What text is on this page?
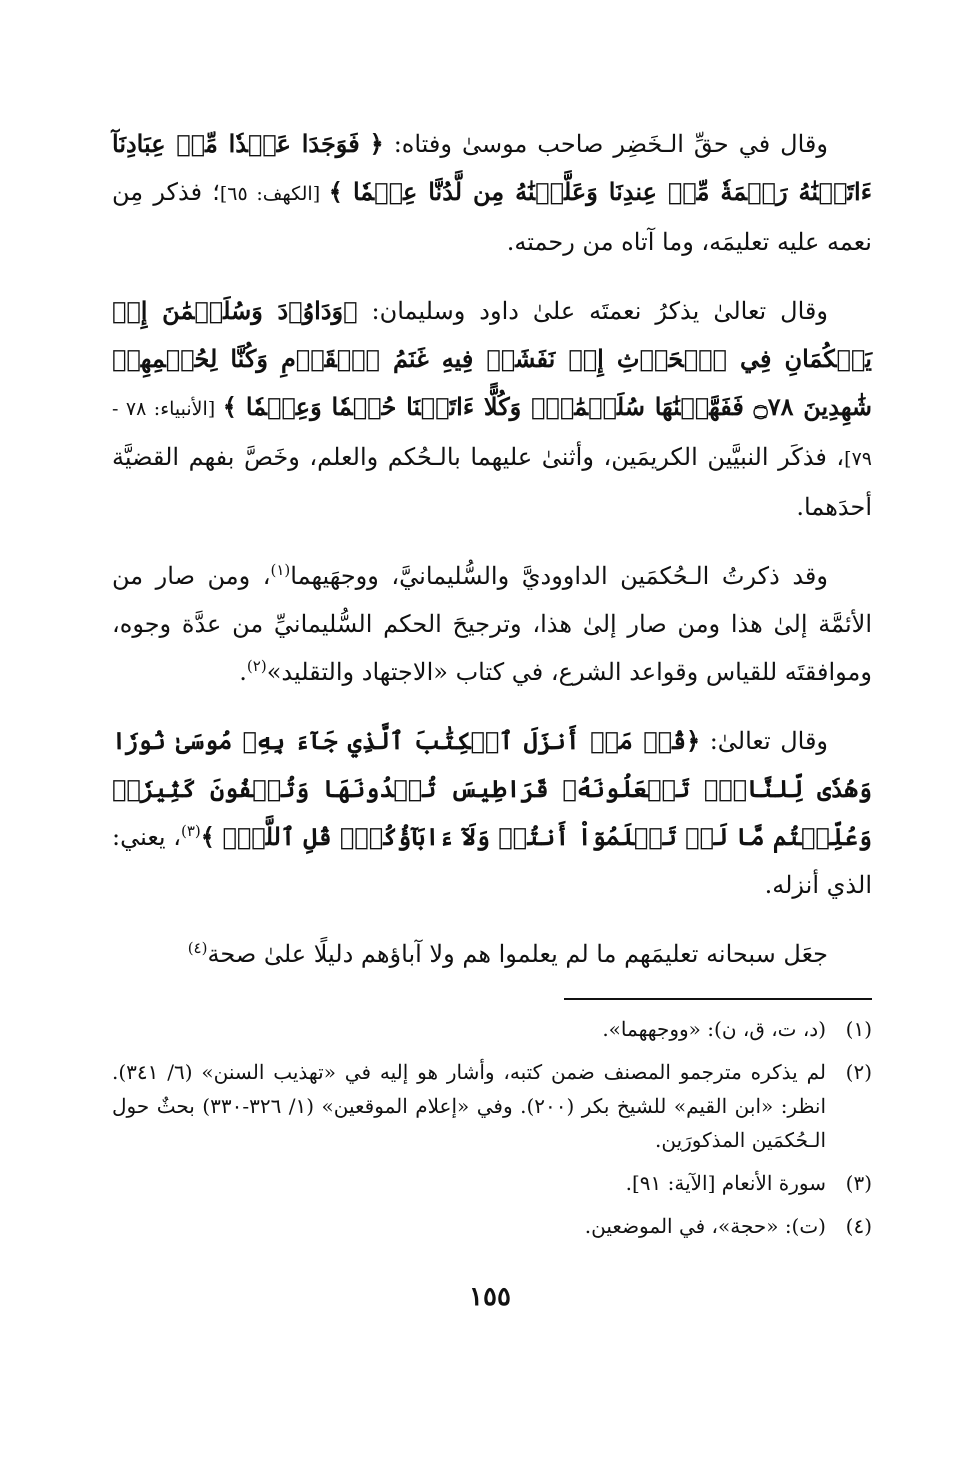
وقال في حقِّ الـخَضِر صاحب موسىٰ وفتاه: ﴿ فَوَجَدَا عَبۡدٗا مِّنۡ عِبَادِنَآ ءَاتَيۡنَٰهُ رَحۡمَةٗ مِّنۡ عِندِنَا وَعَلَّمۡنَٰهُ مِن لَّدُنَّا عِلۡمٗا ﴾ [الكهف: ٦٥]؛ فذكر مِن نعمه عليه تعليمَه، وما آتاه من رحمته.

وقال تعالىٰ يذكرُ نعمتَه علىٰ داود وسليمان: ﴿وَدَاوُۥدَ وَسُلَيۡمَٰنَ إِذۡ يَحۡكُمَانِ فِي ٱلۡحَرۡثِ إِذۡ نَفَشَتۡ فِيهِ غَنَمُ ٱلۡقَوۡمِ وَكُنَّا لِحُكۡمِهِمۡ شَٰهِدِينَ ۝٧٨ فَفَهَّمۡنَٰهَا سُلَيۡمَٰنَۚ وَكُلًّا ءَاتَيۡنَا حُكۡمٗا وَعِلۡمٗا ﴾ [الأنبياء: ٧٨ - ٧٩]، فذكَر النبيَّين الكريمَين، وأثنىٰ عليهما بالـحُكم والعلم، وخَصَّ بفهم القضيَّة أحدَهما.

وقد ذكرتُ الـحُكمَين الداووديَّ والسُّليمانيَّ، ووجهَيهما$^{(١)}$، ومن صار من الأئمَّة إلىٰ هذا ومن صار إلىٰ هذا، وترجيحَ الحكم السُّليمانيِّ من عدَّة وجوه، وموافقتَه للقياس وقواعد الشرع، في كتاب «الاجتهاد والتقليد»$^{(٢)}$.

وقال تعالىٰ: ﴿قُلۡ مَنۡ أَنزَلَ ٱلۡكِتَٰبَ ٱلَّذِي جَآءَ بِهِۦ مُوسَىٰ نُورٗا وَهُدٗى لِّلنَّاسِۖ تَجۡعَلُونَهُۥ قَرَاطِيسَ تُبۡدُونَهَا وَتُخۡفُونَ كَثِيرٗاۖ وَعُلِّمۡتُم مَّا لَمۡ تَعۡلَمُوٓاْ أَنتُمۡ وَلَآ ءَابَآؤُكُمۡۖ قُلِ ٱللَّهُۖ ﴾$^{(٣)}$، يعني: الذي أنزله.

جعَل سبحانه تعليمَهم ما لم يعلموا هم ولا آباؤهم دليلًا علىٰ صحة$^{(٤)}$

(١)
(د، ت، ق، ن): «ووجههما».
(٢)
لم يذكره مترجمو المصنف ضمن كتبه، وأشار هو إليه في «تهذيب السنن» (٦/ ٣٤١). انظر: «ابن القيم» للشيخ بكر (٢٠٠). وفي «إعلام الموقعين» (١/ ٣٢٦-٣٣٠) بحثٌ حول الـحُكمَين المذكورَين.
(٣)
سورة الأنعام [الآية: ٩١].
(٤)
(ت): «حجة»، في الموضعين.
١٥٥
